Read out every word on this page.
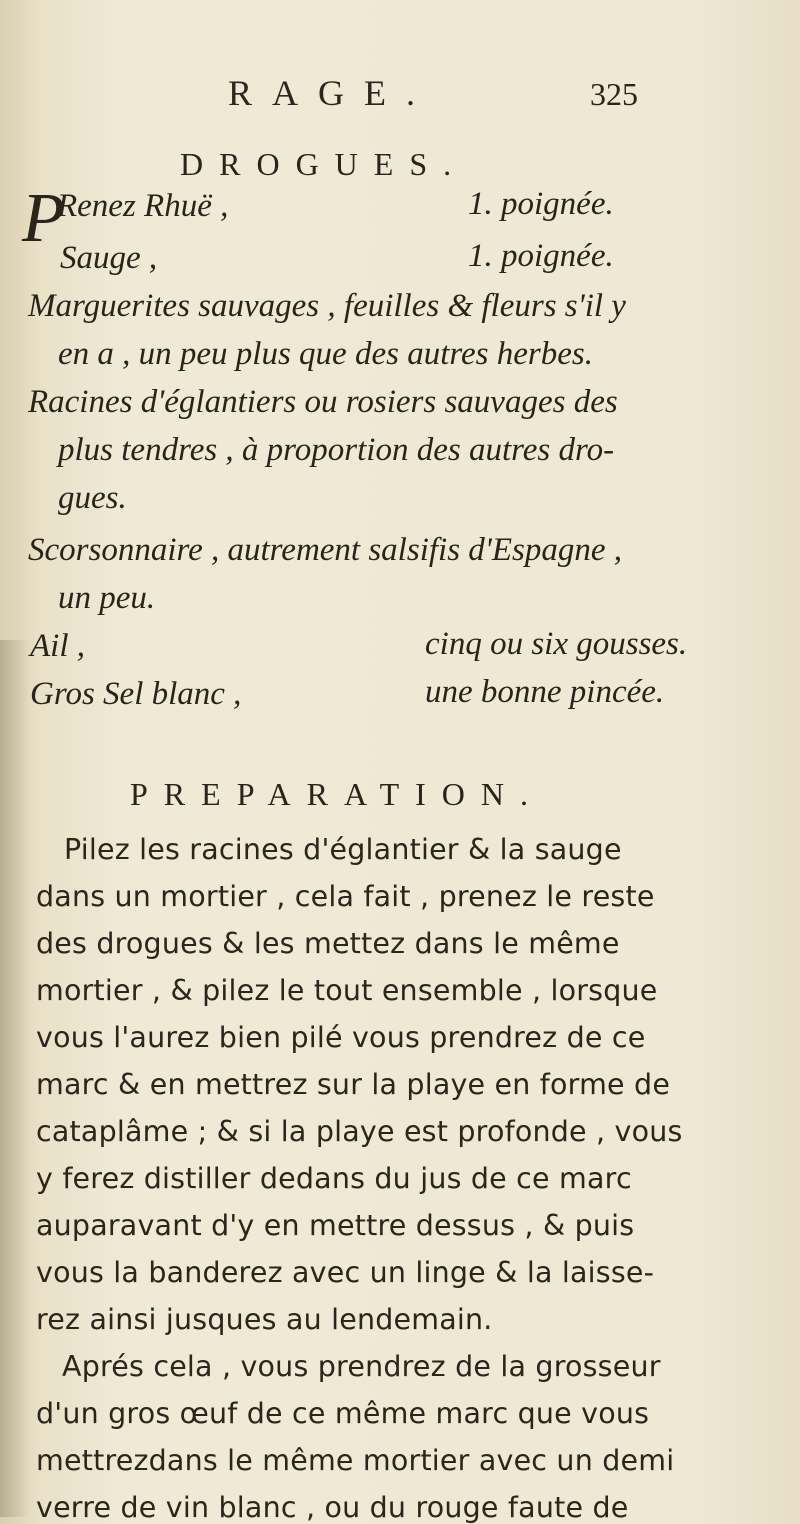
RAGE.	325
DROGUES.
P
Renez Rhuë ,	1. poignée.
Sauge ,	1. poignée.
Marguerites sauvages , feuilles & fleurs s'il y
en a , un peu plus que des autres herbes.
Racines d'églantiers ou rosiers sauvages des
plus tendres , à proportion des autres dro-
gues.
Scorsonnaire , autrement salsifis d'Espagne ,
un peu.
Ail ,	cinq ou six gousses.
Gros Sel blanc ,	une bonne pincée.
PREPARATION.
Pilez les racines d'églantier & la sauge
dans un mortier , cela fait , prenez le reste
des drogues & les mettez dans le même
mortier , & pilez le tout ensemble , lorsque
vous l'aurez bien pilé vous prendrez de ce
marc & en mettrez sur la playe en forme de
cataplâme ; & si la playe est profonde , vous
y ferez distiller dedans du jus de ce marc
auparavant d'y en mettre dessus , & puis
vous la banderez avec un linge & la laisse-
rez ainsi jusques au lendemain.
Aprés cela , vous prendrez de la grosseur
d'un gros œuf de ce même marc que vous
mettrezdans le même mortier avec un demi
verre de vin blanc , ou du rouge faute de
